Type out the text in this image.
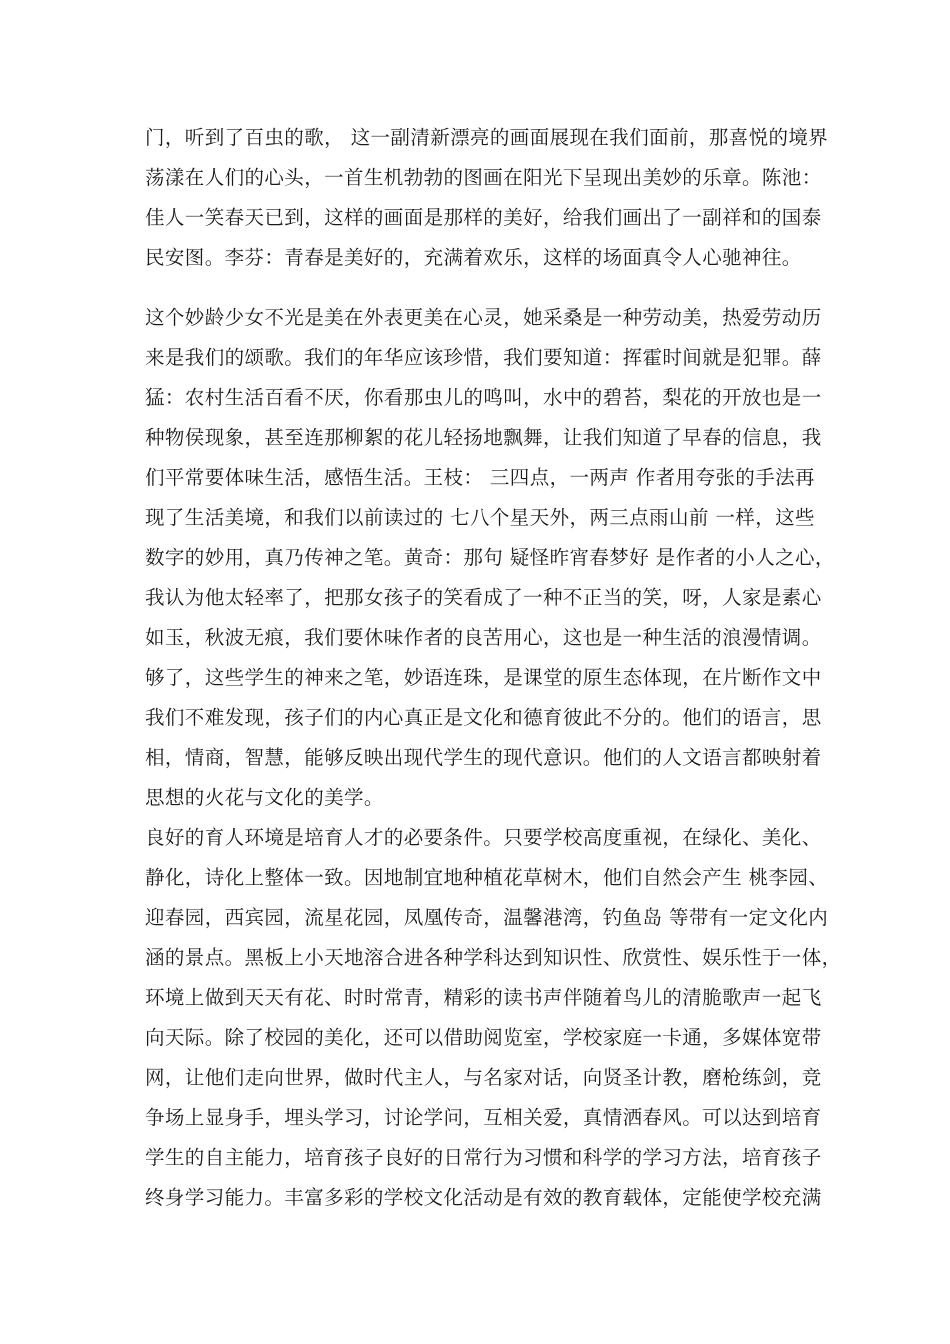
门，听到了百虫的歌， 这一副清新漂亮的画面展现在我们面前，那喜悦的境界
荡漾在人们的心头，一首生机勃勃的图画在阳光下呈现出美妙的乐章。陈池：
佳人一笑春天已到，这样的画面是那样的美好，给我们画出了一副祥和的国泰
民安图。李芬：青春是美好的，充满着欢乐，这样的场面真令人心驰神往。
这个妙龄少女不光是美在外表更美在心灵，她采桑是一种劳动美，热爱劳动历
来是我们的颂歌。我们的年华应该珍惜，我们要知道：挥霍时间就是犯罪。薛
猛：农村生活百看不厌，你看那虫儿的鸣叫，水中的碧苔，梨花的开放也是一
种物侯现象，甚至连那柳絮的花儿轻扬地飘舞，让我们知道了早春的信息，我
们平常要体味生活，感悟生活。王枝： 三四点，一两声 作者用夸张的手法再
现了生活美境，和我们以前读过的 七八个星天外，两三点雨山前 一样，这些
数字的妙用，真乃传神之笔。黄奇：那句 疑怪昨宵春梦好 是作者的小人之心，
我认为他太轻率了，把那女孩子的笑看成了一种不正当的笑，呀，人家是素心
如玉，秋波无痕，我们要休味作者的良苦用心，这也是一种生活的浪漫情调。
够了，这些学生的神来之笔，妙语连珠，是课堂的原生态体现，在片断作文中
我们不难发现，孩子们的内心真正是文化和德育彼此不分的。他们的语言，思
相，情商，智慧，能够反映出现代学生的现代意识。他们的人文语言都映射着
思想的火花与文化的美学。
良好的育人环境是培育人才的必要条件。只要学校高度重视，在绿化、美化、
静化，诗化上整体一致。因地制宜地种植花草树木，他们自然会产生 桃李园、
迎春园，西宾园，流星花园，凤凰传奇，温馨港湾，钓鱼岛 等带有一定文化内
涵的景点。黑板上小天地溶合进各种学科达到知识性、欣赏性、娱乐性于一体，
环境上做到天天有花、时时常青，精彩的读书声伴随着鸟儿的清脆歌声一起飞
向天际。除了校园的美化，还可以借助阅览室，学校家庭一卡通，多媒体宽带
网，让他们走向世界，做时代主人，与名家对话，向贤圣计教，磨枪练剑，竞
争场上显身手，埋头学习，讨论学问，互相关爱，真情洒春风。可以达到培育
学生的自主能力，培育孩子良好的日常行为习惯和科学的学习方法，培育孩子
终身学习能力。丰富多彩的学校文化活动是有效的教育载体，定能使学校充满
